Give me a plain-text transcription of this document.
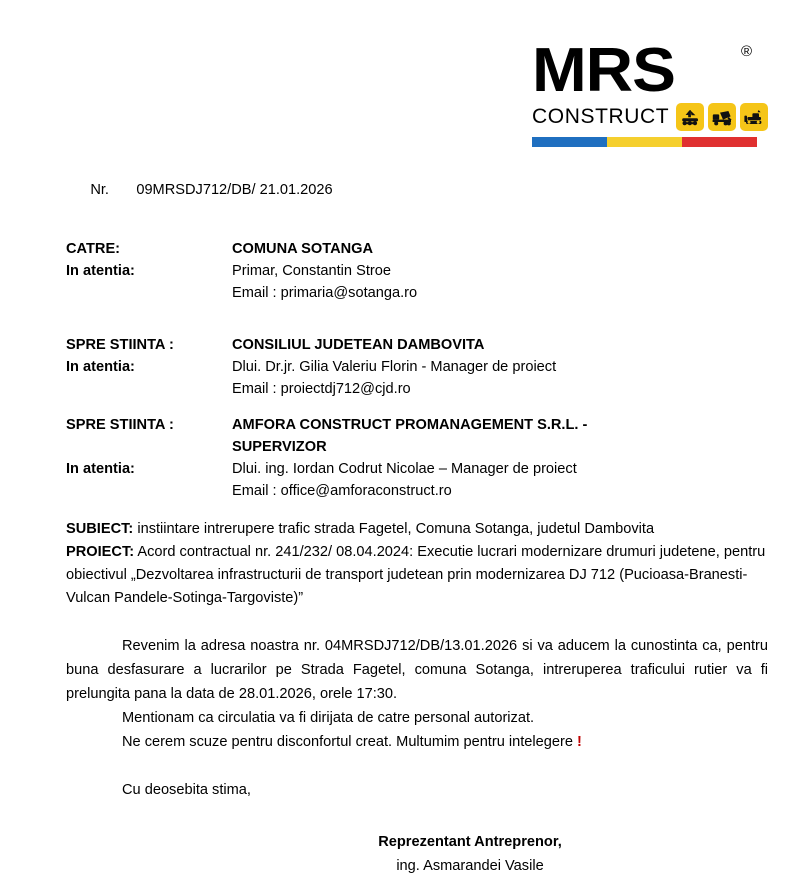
MRS	®
CONSTRUCT

Nr. 09MRSDJ712/DB/ 21.01.2026

CATRE:	COMUNA SOTANGA
In atentia:	Primar, Constantin Stroe
Email : primaria@sotanga.ro
SPRE STIINTA :	CONSILIUL JUDETEAN DAMBOVITA
In atentia:	Dlui. Dr.jr. Gilia Valeriu Florin - Manager de proiect
Email : proiectdj712@cjd.ro
SPRE STIINTA :	AMFORA CONSTRUCT PROMANAGEMENT S.R.L. -
SUPERVIZOR
In atentia:	Dlui. ing. Iordan Codrut Nicolae – Manager de proiect
Email : office@amforaconstruct.ro
SUBIECT: instiintare intrerupere trafic strada Fagetel, Comuna Sotanga, judetul Dambovita
PROIECT: Acord contractual nr. 241/232/ 08.04.2024: Executie lucrari modernizare drumuri judetene, pentru obiectivul „Dezvoltarea infrastructurii de transport judetean prin modernizarea DJ 712 (Pucioasa-Branesti-Vulcan Pandele-Sotinga-Targoviste)”
Revenim la adresa noastra nr. 04MRSDJ712/DB/13.01.2026 si va aducem la cunostinta ca, pentru buna desfasurare a lucrarilor pe Strada Fagetel, comuna Sotanga, intreruperea traficului rutier va fi prelungita pana la data de 28.01.2026, orele 17:30.
Mentionam ca circulatia va fi dirijata de catre personal autorizat.
Ne cerem scuze pentru disconfortul creat. Multumim pentru intelegere !
Cu deosebita stima,
Reprezentant Antreprenor,
ing. Asmarandei Vasile
